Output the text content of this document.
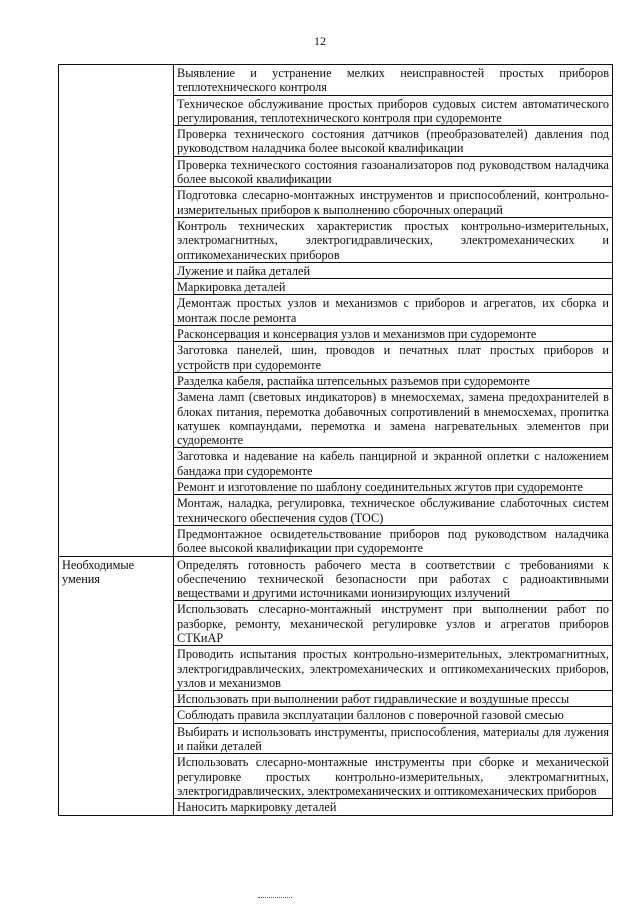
12
	Выявление и устранение мелких неисправностей простых приборов теплотехнического контроля
	Техническое обслуживание простых приборов судовых систем автоматического регулирования, теплотехнического контроля при судоремонте
	Проверка технического состояния датчиков (преобразователей) давления под руководством наладчика более высокой квалификации
	Проверка технического состояния газоанализаторов под руководством наладчика более высокой квалификации
	Подготовка слесарно-монтажных инструментов и приспособлений, контрольно-измерительных приборов к выполнению сборочных операций
	Контроль технических характеристик простых контрольно-измерительных, электромагнитных, электрогидравлических, электромеханических и оптикомеханических приборов
	Лужение и пайка деталей
	Маркировка деталей
	Демонтаж простых узлов и механизмов с приборов и агрегатов, их сборка и монтаж после ремонта
	Расконсервация и консервация узлов и механизмов при судоремонте
	Заготовка панелей, шин, проводов и печатных плат простых приборов и устройств при судоремонте
	Разделка кабеля, распайка штепсельных разъемов при судоремонте
	Замена ламп (световых индикаторов) в мнемосхемах, замена предохранителей в блоках питания, перемотка добавочных сопротивлений в мнемосхемах, пропитка катушек компаундами, перемотка и замена нагревательных элементов при судоремонте
	Заготовка и надевание на кабель панцирной и экранной оплетки с наложением бандажа при судоремонте
	Ремонт и изготовление по шаблону соединительных жгутов при судоремонте
	Монтаж, наладка, регулировка, техническое обслуживание слаботочных систем технического обеспечения судов (ТОС)
	Предмонтажное освидетельствование приборов под руководством наладчика более высокой квалификации при судоремонте
Необходимые умения	Определять готовность рабочего места в соответствии с требованиями к обеспечению технической безопасности при работах с радиоактивными веществами и другими источниками ионизирующих излучений
	Использовать слесарно-монтажный инструмент при выполнении работ по разборке, ремонту, механической регулировке узлов и агрегатов приборов СТКиАР
	Проводить испытания простых контрольно-измерительных, электромагнитных, электрогидравлических, электромеханических и оптикомеханических приборов, узлов и механизмов
	Использовать при выполнении работ гидравлические и воздушные прессы
	Соблюдать правила эксплуатации баллонов с поверочной газовой смесью
	Выбирать и использовать инструменты, приспособления, материалы для лужения и пайки деталей
	Использовать слесарно-монтажные инструменты при сборке и механической регулировке простых контрольно-измерительных, электромагнитных, электрогидравлических, электромеханических и оптикомеханических приборов
	Наносить маркировку деталей
